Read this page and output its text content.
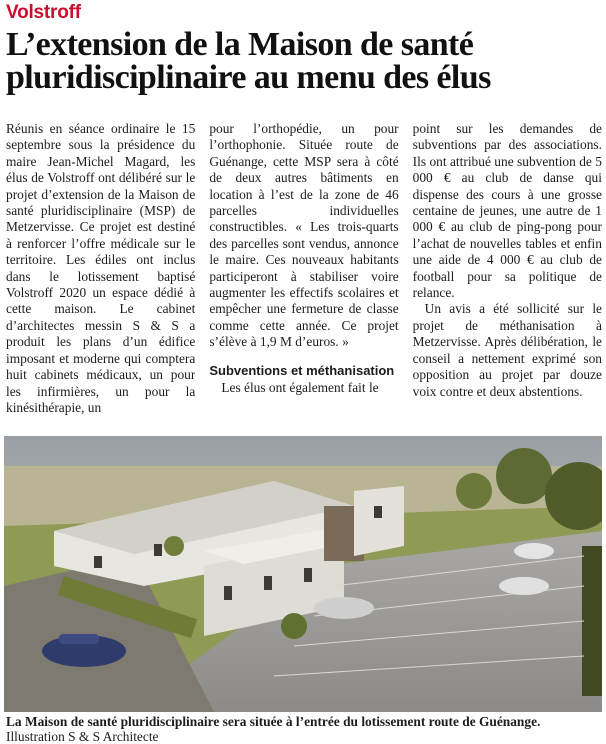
Volstroff
L’extension de la Maison de santé
pluridisciplinaire au menu des élus

Réunis en séance ordinaire le 15 septembre sous la présidence du maire Jean-Michel Magard, les élus de Volstroff ont délibéré sur le projet d’extension de la Maison de santé pluridisciplinaire (MSP) de Metzervisse. Ce projet est destiné à renforcer l’offre médicale sur le territoire. Les édiles ont inclus dans le lotissement baptisé Volstroff 2020 un espace dédié à cette maison. Le cabinet d’architectes messin S & S a produit les plans d’un édifice imposant et moderne qui comptera huit cabinets médicaux, un pour les infirmières, un pour la kinésithérapie, un

pour l’orthopédie, un pour l’orthophonie. Située route de Guénange, cette MSP sera à côté de deux autres bâtiments en location à l’est de la zone de 46 parcelles individuelles constructibles. « Les trois-quarts des parcelles sont vendus, annonce le maire. Ces nouveaux habitants participeront à stabiliser voire augmenter les effectifs scolaires et empêcher une fermeture de classe comme cette année. Ce projet s’élève à 1,9 M d’euros. »

Subventions et méthanisation

Les élus ont également fait le

point sur les demandes de subventions par des associations. Ils ont attribué une subvention de 5 000 € au club de danse qui dispense des cours à une grosse centaine de jeunes, une autre de 1 000 € au club de ping-pong pour l’achat de nouvelles tables et enfin une aide de 4 000 € au club de football pour sa politique de relance.

Un avis a été sollicité sur le projet de méthanisation à Metzervisse. Après délibération, le conseil a nettement exprimé son opposition au projet par douze voix contre et deux abstentions.

La Maison de santé pluridisciplinaire sera située à l’entrée du lotissement route de Guénange. Illustration S & S Architecte
